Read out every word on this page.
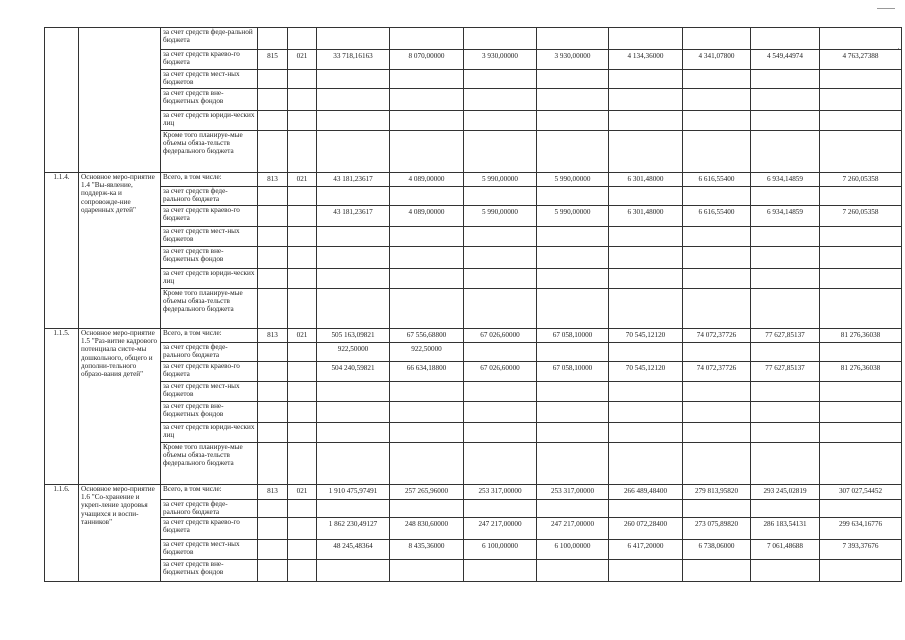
		за счет средств феде-ральной бюджета										
		за счет средств краево-го бюджета	815	021	33 718,16163	8 070,00000	3 930,00000	3 930,00000	4 134,36000	4 341,07800	4 549,44974	4 763,27388
		за счет средств мест-ных бюджетов										
		за счет средств вне-бюджетных фондов										
		за счет средств юриди-ческих лиц										
		Кроме того планируе-мые объемы обяза-тельств федерального бюджета										
1.1.4.	Основное меро-приятие 1.4 "Вы-явление, поддерж-ка и сопровожде-ние одаренных детей"	Всего, в том числе:	813	021	43 181,23617	4 089,00000	5 990,00000	5 990,00000	6 301,48000	6 616,55400	6 934,14859	7 260,05358
		за счет средств феде-рального бюджета										
		за счет средств краево-го бюджета			43 181,23617	4 089,00000	5 990,00000	5 990,00000	6 301,48000	6 616,55400	6 934,14859	7 260,05358
		за счет средств мест-ных бюджетов										
		за счет средств вне-бюджетных фондов										
		за счет средств юриди-ческих лиц										
		Кроме того планируе-мые объемы обяза-тельств федерального бюджета										
1.1.5.	Основное меро-приятие 1.5 "Раз-витие кадрового потенциала систе-мы дошкольного, общего и дополни-тельного образо-вания детей"	Всего, в том числе:	813	021	505 163,09821	67 556,68800	67 026,60000	67 058,10000	70 545,12120	74 072,37726	77 627,85137	81 276,36038
		за счет средств феде-рального бюджета			922,50000	922,50000						
		за счет средств краево-го бюджета			504 240,59821	66 634,18800	67 026,60000	67 058,10000	70 545,12120	74 072,37726	77 627,85137	81 276,36038
		за счет средств мест-ных бюджетов										
		за счет средств вне-бюджетных фондов										
		за счет средств юриди-ческих лиц										
		Кроме того планируе-мые объемы обяза-тельств федерального бюджета										
1.1.6.	Основное меро-приятие 1.6 "Со-хранение и укреп-ление здоровья учащихся и воспи-танников"	Всего, в том числе:	813	021	1 910 475,97491	257 265,96000	253 317,00000	253 317,00000	266 489,48400	279 813,95820	293 245,02819	307 027,54452
		за счет средств феде-рального бюджета										
		за счет средств краево-го бюджета			1 862 230,49127	248 830,60000	247 217,00000	247 217,00000	260 072,28400	273 075,89820	286 183,54131	299 634,16776
		за счет средств мест-ных бюджетов			48 245,48364	8 435,36000	6 100,00000	6 100,00000	6 417,20000	6 738,06000	7 061,48688	7 393,37676
		за счет средств вне-бюджетных фондов										
